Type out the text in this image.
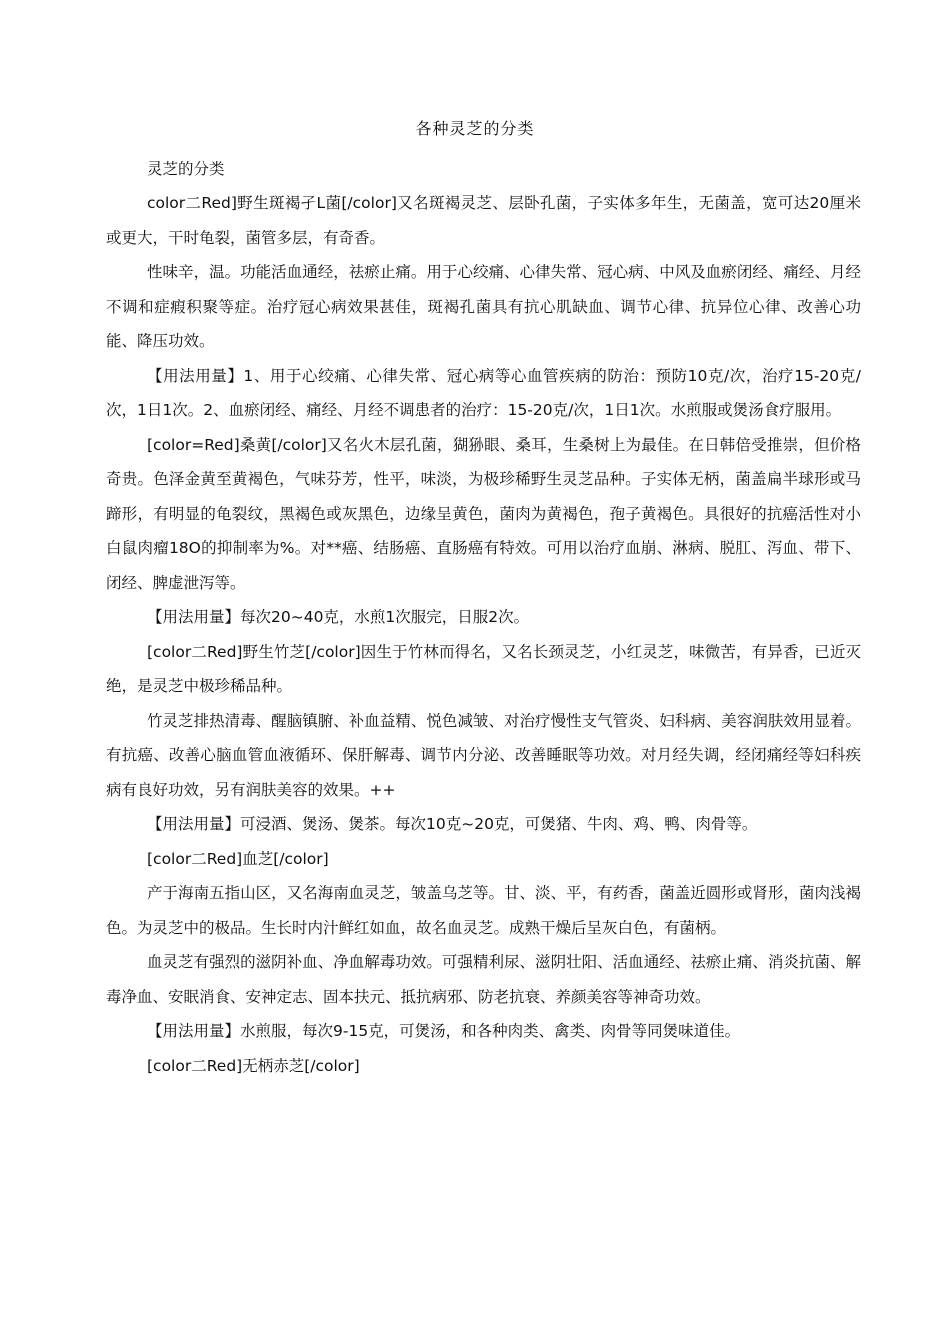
各种灵芝的分类

灵芝的分类

color二Red]野生斑褐孑L菌[/color]又名斑褐灵芝、层卧孔菌，子实体多年生，无菌盖，宽可达20厘米或更大，干时龟裂，菌管多层，有奇香。

性味辛，温。功能活血通经，祛瘀止痛。用于心绞痛、心律失常、冠心病、中风及血瘀闭经、痛经、月经不调和症瘕积聚等症。治疗冠心病效果甚佳，斑褐孔菌具有抗心肌缺血、调节心律、抗异位心律、改善心功能、降压功效。

【用法用量】1、用于心绞痛、心律失常、冠心病等心血管疾病的防治：预防10克/次，治疗15-20克/次，1日1次。2、血瘀闭经、痛经、月经不调患者的治疗：15-20克/次，1日1次。水煎服或煲汤食疗服用。

[color=Red]桑黄[/color]又名火木层孔菌，猢狲眼、桑耳，生桑树上为最佳。在日韩倍受推崇，但价格奇贵。色泽金黄至黄褐色，气味芬芳，性平，味淡，为极珍稀野生灵芝品种。子实体无柄，菌盖扁半球形或马蹄形，有明显的龟裂纹，黑褐色或灰黑色，边缘呈黄色，菌肉为黄褐色，孢子黄褐色。具很好的抗癌活性对小白鼠肉瘤18O的抑制率为%。对**癌、结肠癌、直肠癌有特效。可用以治疗血崩、淋病、脱肛、泻血、带下、闭经、脾虚泄泻等。

【用法用量】每次20~40克，水煎1次服完，日服2次。

[color二Red]野生竹芝[/color]因生于竹林而得名，又名长颈灵芝，小红灵芝，味微苦，有异香，已近灭绝，是灵芝中极珍稀品种。

竹灵芝排热清毒、醒脑镇腑、补血益精、悦色减皱、对治疗慢性支气管炎、妇科病、美容润肤效用显着。有抗癌、改善心脑血管血液循环、保肝解毒、调节内分泌、改善睡眠等功效。对月经失调，经闭痛经等妇科疾病有良好功效，另有润肤美容的效果。++

【用法用量】可浸酒、煲汤、煲茶。每次10克~20克，可煲猪、牛肉、鸡、鸭、肉骨等。

[color二Red]血芝[/color]

产于海南五指山区，又名海南血灵芝，皱盖乌芝等。甘、淡、平，有药香，菌盖近圆形或肾形，菌肉浅褐色。为灵芝中的极品。生长时内汁鲜红如血，故名血灵芝。成熟干燥后呈灰白色，有菌柄。

血灵芝有强烈的滋阴补血、净血解毒功效。可强精利尿、滋阴壮阳、活血通经、祛瘀止痛、消炎抗菌、解毒净血、安眠消食、安神定志、固本扶元、抵抗病邪、防老抗衰、养颜美容等神奇功效。

【用法用量】水煎服，每次9-15克，可煲汤，和各种肉类、禽类、肉骨等同煲味道佳。

[color二Red]无柄赤芝[/color]
